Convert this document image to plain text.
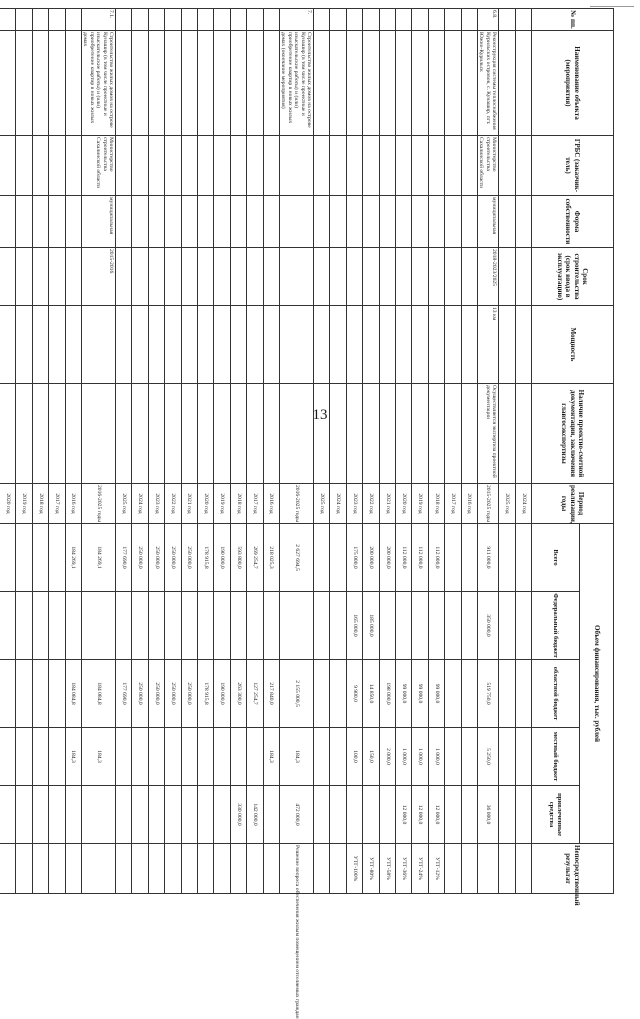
13
№ пп.	Наименование объекта (мероприятия)	ГРБС (заказчик-тель)	Форма собственности	Срок строительства (срок ввода в эксплуатацию)	Мощность	Наличие проектно-сметной документации, заключения главгосэкспертизы	Период реализации, годы	Объем финансирования, тыс. рублей					Непосредственный результат
								Всего	Федеральный бюджет	областной бюджет	местный бюджет	привлеченные средства	
							2024 год						
							2025 год						
6.8.	Реконструкция системы теплоснабжения Курильских островов, с. Кунашир, пгт. Южно-Курильск	Министерство строительства Сахалинской области	муниципальная	2018-2023/2025	13 км	Осуществляется экспертиза проектной документации	2015-2025 годы	911 000,0	350 000,0	519 750,0	5 250,0	36 000,0	
							2016 год						
							2017 год						
							2018 год	112 000,0		99 000,0	1 000,0	12 000,0	УТГ-12%
							2019 год	112 000,0		99 000,0	1 000,0	12 000,0	УТГ-24%
							2020 год	112 000,0		99 000,0	1 000,0	12 000,0	УТГ-36%
							2021 год	200 000,0		198 000,0	2 000,0		УТГ-58%
							2022 год	200 000,0	185 000,0	14 850,0	150,0		УТГ-80%
							2023 год	175 000,0	165 000,0	9 900,0	100,0		УТГ-100%
							2024 год						
							2025 год						
7.	Строительство жилых домов на острове Кунашир (в том числе проектные и изыскательские работы) и (или) приобретение квартир в новых жилых домах (окончание мероприятия)						2016-2025 годы	2 627 694,5		2 155 000,5	184,3	472 000,0	Решение вопроса обеспечения жилым помещением отселяемых граждан
							2016 год	218 025,3		217 840,0	184,3		
							2017 год	269 254,7		127 254,7		142 000,0	
							2018 год	593 800,0		263 300,0		330 000,0	
							2019 год	190 000,0		190 000,0			
							2020 год	178 915,8		178 915,8			
							2021 год	250 000,0		250 000,0			
							2022 год	250 000,0		250 000,0			
							2023 год	250 000,0		250 000,0			
							2024 год	250 000,0		250 000,0			
							2025 год	177 690,0		177 690,0			
7.1.	Строительство жилых домов на острове Кунашир (в том числе проектные и изыскательские работы) и (или) приобретение квартир в новых жилых домах	Министерство строительства Сахалинской области	муниципальная	2015-2016			2016-2025 годы	184 269,1		184 084,8	184,3		
							2016 год	184 269,1		184 084,8	184,3		
							2017 год						
							2018 год						
							2019 год						
							2020 год						
